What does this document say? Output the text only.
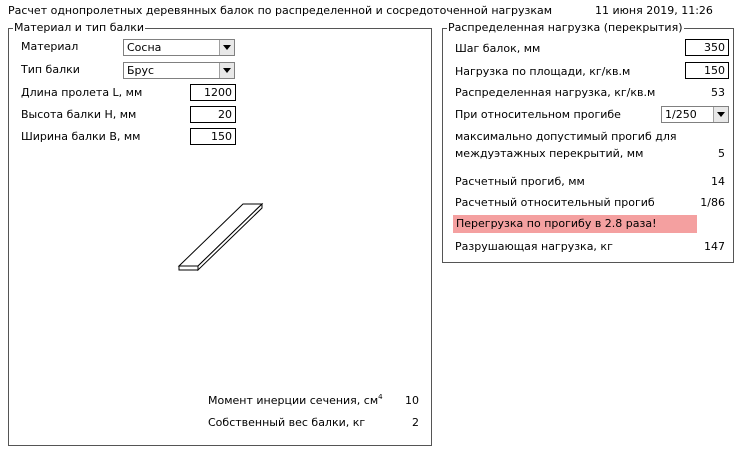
Расчет однопролетных деревянных балок по распределенной и сосредоточенной нагрузкам	11 июня 2019, 11:26
Материал и тип балки
Материал	Сосна
Тип балки	Брус
Длина пролета L, мм	1200
Высота балки H, мм	20
Ширина балки B, мм	150
Момент инерции сечения, $см^4$ 10
Собственный вес балки, кг	2
Распределенная нагрузка (перекрытия)
Шаг балок, мм	350
Нагрузка по площади, кг/кв.м	150
Распределенная нагрузка, кг/кв.м	53
При относительном прогибе	1/250
максимально допустимый прогиб для
междуэтажных перекрытий, мм	5
Расчетный прогиб, мм	14
Расчетный относительный прогиб	1/86
Перегрузка по прогибу в 2.8 раза!
Разрушающая нагрузка, кг	147
